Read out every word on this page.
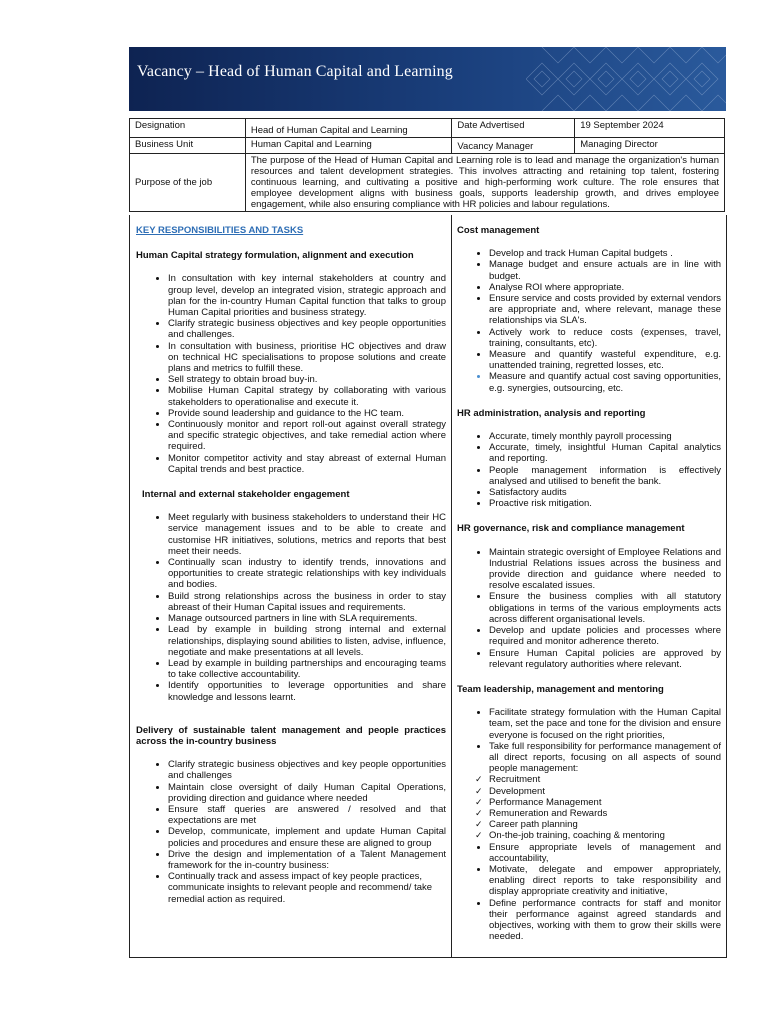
Vacancy – Head of Human Capital and Learning
Designation	Head of Human Capital and Learning	Date Advertised	19 September 2024
Business Unit	Human Capital and Learning	Vacancy Manager	Managing Director
Purpose of the job	The purpose of the Head of Human Capital and Learning role is to lead and manage the organization's human resources and talent development strategies. This involves attracting and retaining top talent, fostering continuous learning, and cultivating a positive and high-performing work culture. The role ensures that employee development aligns with business goals, supports leadership growth, and drives employee engagement, while also ensuring compliance with HR policies and labour regulations.		
KEY RESPONSIBILITIES AND TASKS
Human Capital strategy formulation, alignment and execution
• In consultation with key internal stakeholders at country and group level, develop an integrated vision, strategic approach and plan for the in-country Human Capital function that talks to group Human Capital priorities and business strategy.
• Clarify strategic business objectives and key people opportunities and challenges.
• In consultation with business, prioritise HC objectives and draw on technical HC specialisations to propose solutions and create plans and metrics to fulfill these.
• Sell strategy to obtain broad buy-in.
• Mobilise Human Capital strategy by collaborating with various stakeholders to operationalise and execute it.
• Provide sound leadership and guidance to the HC team.
• Continuously monitor and report roll-out against overall strategy and specific strategic objectives, and take remedial action where required.
• Monitor competitor activity and stay abreast of external Human Capital trends and best practice.
Internal and external stakeholder engagement
• Meet regularly with business stakeholders to understand their HC service management issues and to be able to create and customise HR initiatives, solutions, metrics and reports that best meet their needs.
• Continually scan industry to identify trends, innovations and opportunities to create strategic relationships with key individuals and bodies.
• Build strong relationships across the business in order to stay abreast of their Human Capital issues and requirements.
• Manage outsourced partners in line with SLA requirements.
• Lead by example in building strong internal and external relationships, displaying sound abilities to listen, advise, influence, negotiate and make presentations at all levels.
• Lead by example in building partnerships and encouraging teams to take collective accountability.
• Identify opportunities to leverage opportunities and share knowledge and lessons learnt.
Delivery of sustainable talent management and people practices across the in-country business
• Clarify strategic business objectives and key people opportunities and challenges
• Maintain close oversight of daily Human Capital Operations, providing direction and guidance where needed
• Ensure staff queries are answered / resolved and that expectations are met
• Develop, communicate, implement and update Human Capital policies and procedures and ensure these are aligned to group
• Drive the design and implementation of a Talent Management framework for the in-country business:
• Continually track and assess impact of key people practices, communicate insights to relevant people and recommend/ take remedial action as required.
Cost management
• Develop and track Human Capital budgets .
• Manage budget and ensure actuals are in line with budget.
• Analyse ROI where appropriate.
• Ensure service and costs provided by external vendors are appropriate and, where relevant, manage these relationships via SLA's.
• Actively work to reduce costs (expenses, travel, training, consultants, etc).
• Measure and quantify wasteful expenditure, e.g. unattended training, regretted losses, etc.
• Measure and quantify actual cost saving opportunities, e.g. synergies, outsourcing, etc.
HR administration, analysis and reporting
• Accurate, timely monthly payroll processing
• Accurate, timely, insightful Human Capital analytics and reporting.
• People management information is effectively analysed and utilised to benefit the bank.
• Satisfactory audits
• Proactive risk mitigation.
HR governance, risk and compliance management
• Maintain strategic oversight of Employee Relations and Industrial Relations issues across the business and provide direction and guidance where needed to resolve escalated issues.
• Ensure the business complies with all statutory obligations in terms of the various employments acts across different organisational levels.
• Develop and update policies and processes where required and monitor adherence thereto.
• Ensure Human Capital policies are approved by relevant regulatory authorities where relevant.
Team leadership, management and mentoring
• Facilitate strategy formulation with the Human Capital team, set the pace and tone for the division and ensure everyone is focused on the right priorities,
• Take full responsibility for performance management of all direct reports, focusing on all aspects of sound people management:
✓ Recruitment
✓ Development
✓ Performance Management
✓ Remuneration and Rewards
✓ Career path planning
✓ On-the-job training, coaching & mentoring
• Ensure appropriate levels of management and accountability,
• Motivate, delegate and empower appropriately, enabling direct reports to take responsibility and display appropriate creativity and initiative,
• Define performance contracts for staff and monitor their performance against agreed standards and objectives, working with them to grow their skills were needed.
